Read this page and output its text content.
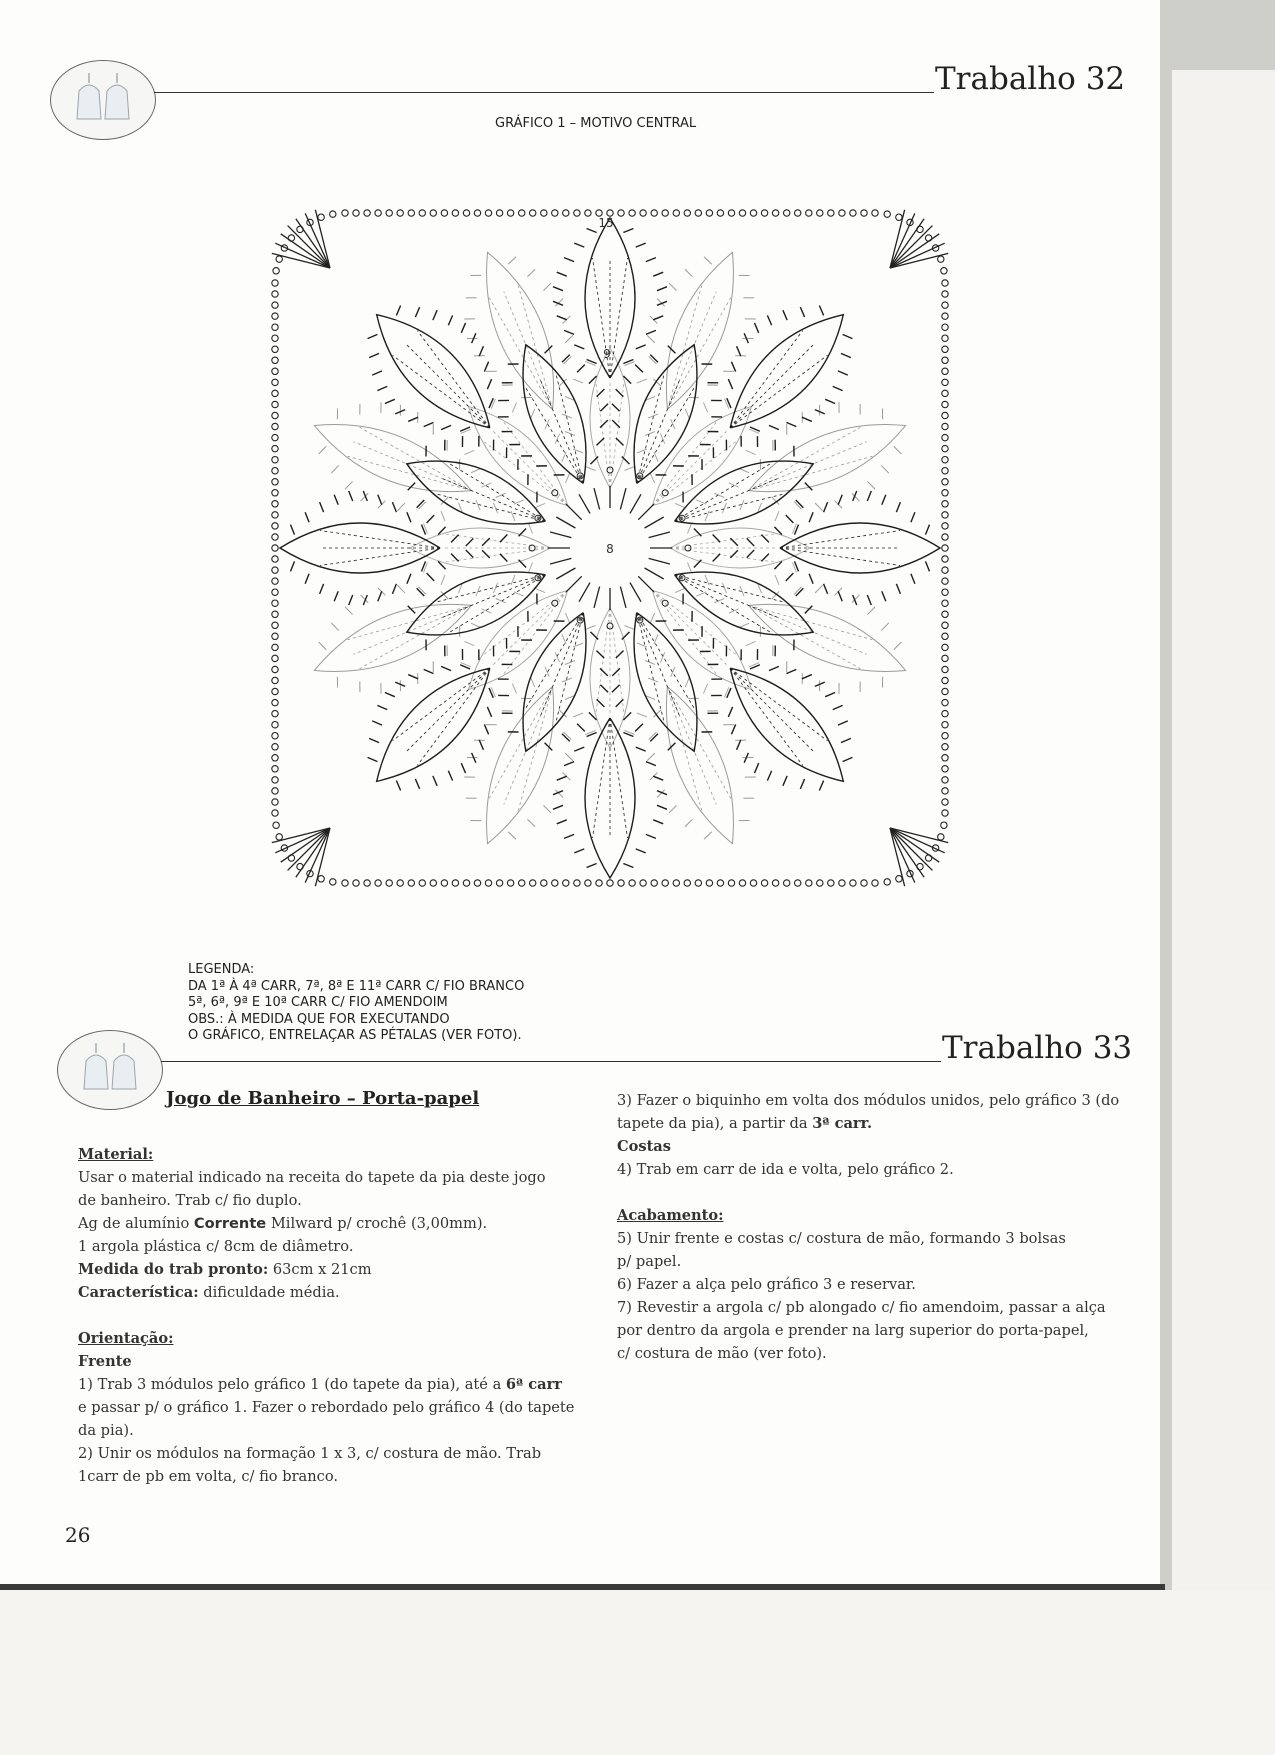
Trabalho 32
GRÁFICO 1 – MOTIVO CENTRAL
8
15
9
LEGENDA:
DA 1ª À 4ª CARR, 7ª, 8ª E 11ª CARR C/ FIO BRANCO
5ª, 6ª, 9ª E 10ª CARR C/ FIO AMENDOIM
OBS.: À MEDIDA QUE FOR EXECUTANDO
O GRÁFICO, ENTRELAÇAR AS PÉTALAS (VER FOTO).	Trabalho 33
Jogo de Banheiro – Porta-papel

Material:

Usar o material indicado na receita do tapete da pia deste jogo

de banheiro. Trab c/ fio duplo.

Ag de alumínio Corrente Milward p/ crochê (3,00mm).

1 argola plástica c/ 8cm de diâmetro.

Medida do trab pronto: 63cm x 21cm

Característica: dificuldade média.

Orientação:

Frente

1) Trab 3 módulos pelo gráfico 1 (do tapete da pia), até a 6ª carr

e passar p/ o gráfico 1. Fazer o rebordado pelo gráfico 4 (do tapete

da pia).

2) Unir os módulos na formação 1 x 3, c/ costura de mão. Trab

1carr de pb em volta, c/ fio branco.

3) Fazer o biquinho em volta dos módulos unidos, pelo gráfico 3 (do

tapete da pia), a partir da 3ª carr.

Costas

4) Trab em carr de ida e volta, pelo gráfico 2.

Acabamento:

5) Unir frente e costas c/ costura de mão, formando 3 bolsas

p/ papel.

6) Fazer a alça pelo gráfico 3 e reservar.

7) Revestir a argola c/ pb alongado c/ fio amendoim, passar a alça

por dentro da argola e prender na larg superior do porta-papel,

c/ costura de mão (ver foto).

26
